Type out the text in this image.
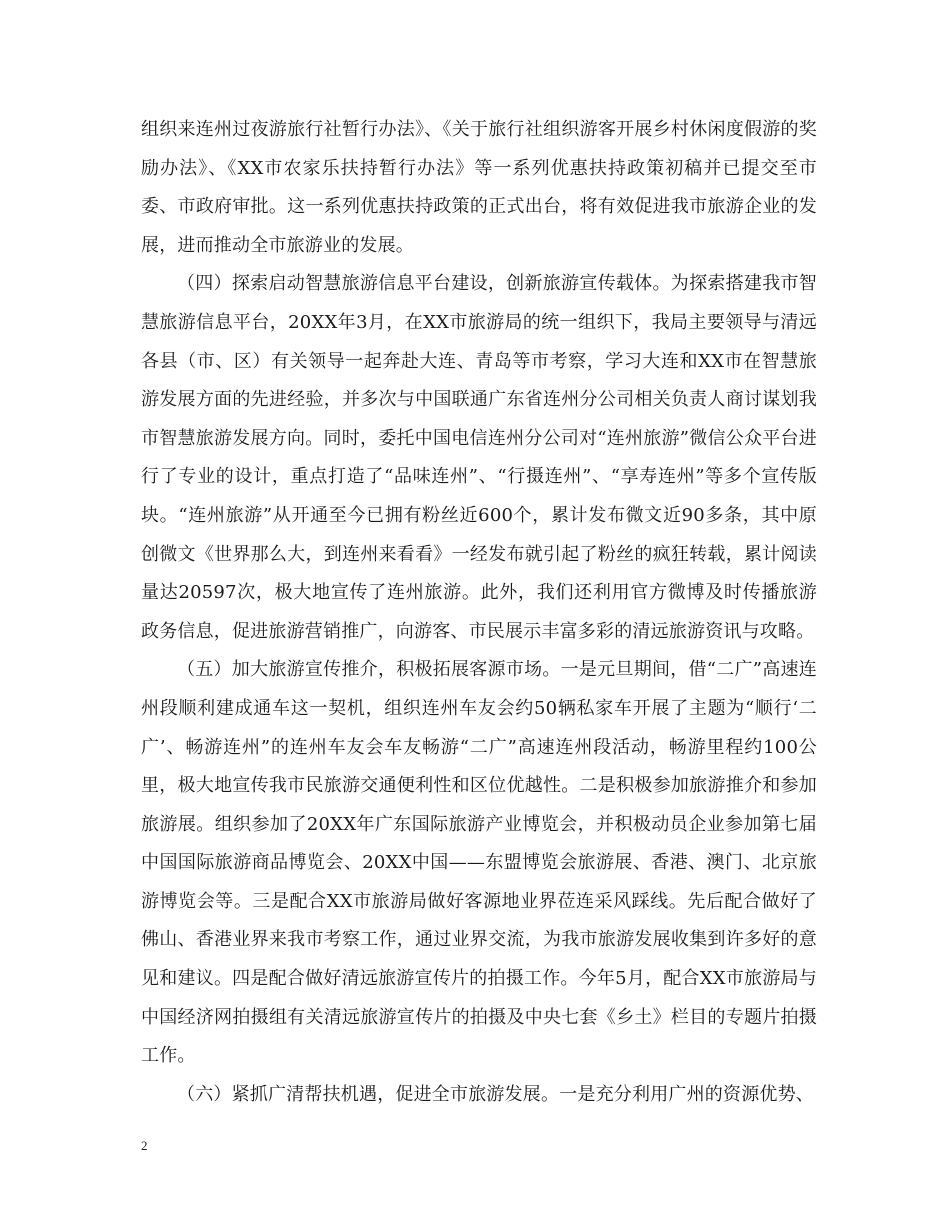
组织来连州过夜游旅行社暂行办法》、《关于旅行社组织游客开展乡村休闲度假游的奖励办法》、《XX市农家乐扶持暂行办法》等一系列优惠扶持政策初稿并已提交至市委、市政府审批。这一系列优惠扶持政策的正式出台，将有效促进我市旅游企业的发展，进而推动全市旅游业的发展。

（四）探索启动智慧旅游信息平台建设，创新旅游宣传载体。为探索搭建我市智慧旅游信息平台，20XX年3月，在XX市旅游局的统一组织下，我局主要领导与清远各县（市、区）有关领导一起奔赴大连、青岛等市考察，学习大连和XX市在智慧旅游发展方面的先进经验，并多次与中国联通广东省连州分公司相关负责人商讨谋划我市智慧旅游发展方向。同时，委托中国电信连州分公司对“连州旅游”微信公众平台进行了专业的设计，重点打造了“品味连州”、“行摄连州”、“享寿连州”等多个宣传版块。“连州旅游”从开通至今已拥有粉丝近600个，累计发布微文近90多条，其中原创微文《世界那么大，到连州来看看》一经发布就引起了粉丝的疯狂转载，累计阅读量达20597次，极大地宣传了连州旅游。此外，我们还利用官方微博及时传播旅游政务信息，促进旅游营销推广，向游客、市民展示丰富多彩的清远旅游资讯与攻略。

（五）加大旅游宣传推介，积极拓展客源市场。一是元旦期间，借“二广”高速连州段顺利建成通车这一契机，组织连州车友会约50辆私家车开展了主题为“顺行‘二广’、畅游连州”的连州车友会车友畅游“二广”高速连州段活动，畅游里程约100公里，极大地宣传我市民旅游交通便利性和区位优越性。二是积极参加旅游推介和参加旅游展。组织参加了20XX年广东国际旅游产业博览会，并积极动员企业参加第七届中国国际旅游商品博览会、20XX中国——东盟博览会旅游展、香港、澳门、北京旅游博览会等。三是配合XX市旅游局做好客源地业界莅连采风踩线。先后配合做好了佛山、香港业界来我市考察工作，通过业界交流，为我市旅游发展收集到许多好的意见和建议。四是配合做好清远旅游宣传片的拍摄工作。今年5月，配合XX市旅游局与中国经济网拍摄组有关清远旅游宣传片的拍摄及中央七套《乡土》栏目的专题片拍摄工作。

（六）紧抓广清帮扶机遇，促进全市旅游发展。一是充分利用广州的资源优势、

2
